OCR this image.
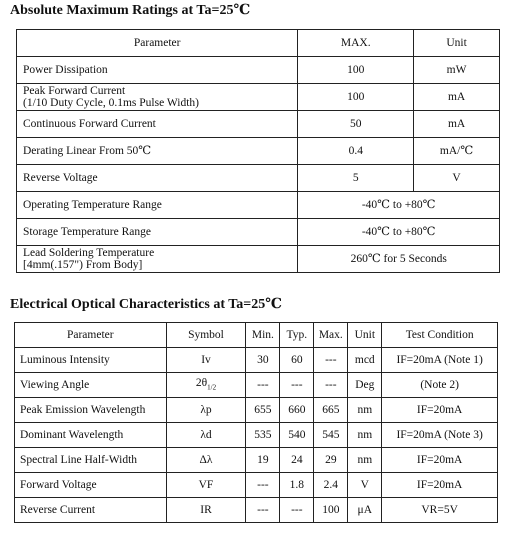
Absolute Maximum Ratings at Ta=25℃
Parameter	MAX.	Unit
Power Dissipation	100	mW

Peak Forward Current
(1/10 Duty Cycle, 0.1ms Pulse Width)	100	mA
Continuous Forward Current	50	mA
Derating Linear From 50℃	0.4	mA/℃
Reverse Voltage	5	V
Operating Temperature Range	-40℃ to +80℃	
Storage Temperature Range	-40℃ to +80℃	

Lead Soldering Temperature
[4mm(.157") From Body]	260℃ for 5 Seconds	
Electrical Optical Characteristics at Ta=25℃
Parameter	Symbol	Min.	Typ.	Max.	Unit	Test Condition
Luminous Intensity	Iv	30	60	---	mcd	IF=20mA (Note 1)
Viewing Angle	$2\theta_{1/2}$	---	---	---	Deg	(Note 2)
Peak Emission Wavelength	λp	655	660	665	nm	IF=20mA
Dominant Wavelength	λd	535	540	545	nm	IF=20mA (Note 3)
Spectral Line Half-Width	Δλ	19	24	29	nm	IF=20mA
Forward Voltage	VF	---	1.8	2.4	V	IF=20mA
Reverse Current	IR	---	---	100	μA	VR=5V
